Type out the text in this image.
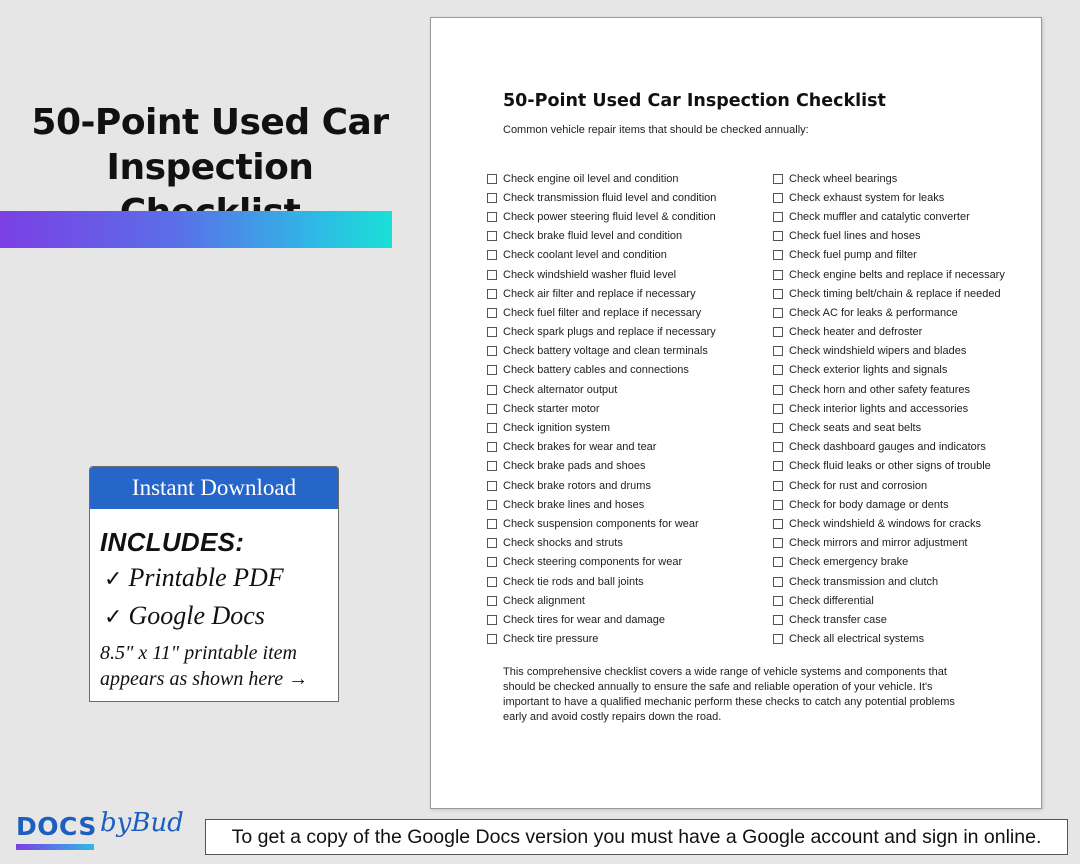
50-Point Used Car
Inspection
Instant Download
INCLUDES:
✓ Printable PDF
✓ Google Docs
8.5" x 11" printable item
appears as shown here →
50-Point Used Car Inspection Checklist
Common vehicle repair items that should be checked annually:
Check engine oil level and condition
Check transmission fluid level and condition
Check power steering fluid level & condition
Check brake fluid level and condition
Check coolant level and condition
Check windshield washer fluid level
Check air filter and replace if necessary
Check fuel filter and replace if necessary
Check spark plugs and replace if necessary
Check battery voltage and clean terminals
Check battery cables and connections
Check alternator output
Check starter motor
Check ignition system
Check brakes for wear and tear
Check brake pads and shoes
Check brake rotors and drums
Check brake lines and hoses
Check suspension components for wear
Check shocks and struts
Check steering components for wear
Check tie rods and ball joints
Check alignment
Check tires for wear and damage
Check tire pressure
Check wheel bearings
Check exhaust system for leaks
Check muffler and catalytic converter
Check fuel lines and hoses
Check fuel pump and filter
Check engine belts and replace if necessary
Check timing belt/chain & replace if needed
Check AC for leaks & performance
Check heater and defroster
Check windshield wipers and blades
Check exterior lights and signals
Check horn and other safety features
Check interior lights and accessories
Check seats and seat belts
Check dashboard gauges and indicators
Check fluid leaks or other signs of trouble
Check for rust and corrosion
Check for body damage or dents
Check windshield & windows for cracks
Check mirrors and mirror adjustment
Check emergency brake
Check transmission and clutch
Check differential
Check transfer case
Check all electrical systems
This comprehensive checklist covers a wide range of vehicle systems and components that should be checked annually to ensure the safe and reliable operation of your vehicle. It's important to have a qualified mechanic perform these checks to catch any potential problems early and avoid costly repairs down the road.
DOCS byBud	To get a copy of the Google Docs version you must have a Google account and sign in online.
